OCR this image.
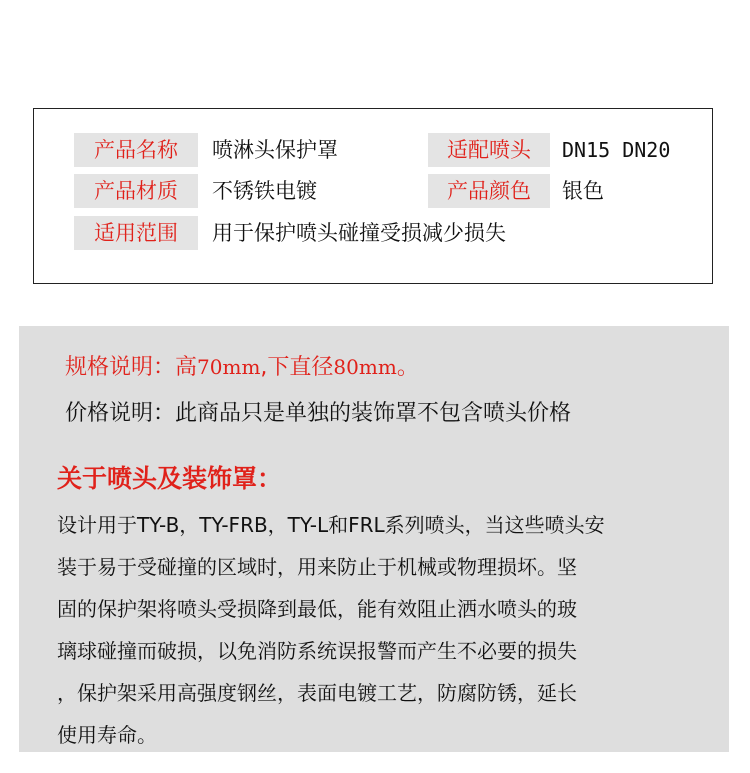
产品名称	喷淋头保护罩	适配喷头	DN15 DN20
产品材质	不锈铁电镀	产品颜色	银色
适用范围	用于保护喷头碰撞受损减少损失
规格说明：高70mm,下直径80mm。
价格说明：此商品只是单独的装饰罩不包含喷头价格
关于喷头及装饰罩：
设计用于TY-B，TY-FRB，TY-L和FRL系列喷头，当这些喷头安
装于易于受碰撞的区域时，用来防止于机械或物理损坏。坚
固的保护架将喷头受损降到最低，能有效阻止洒水喷头的玻
璃球碰撞而破损，以免消防系统误报警而产生不必要的损失
，保护架采用高强度钢丝，表面电镀工艺，防腐防锈，延长
使用寿命。
